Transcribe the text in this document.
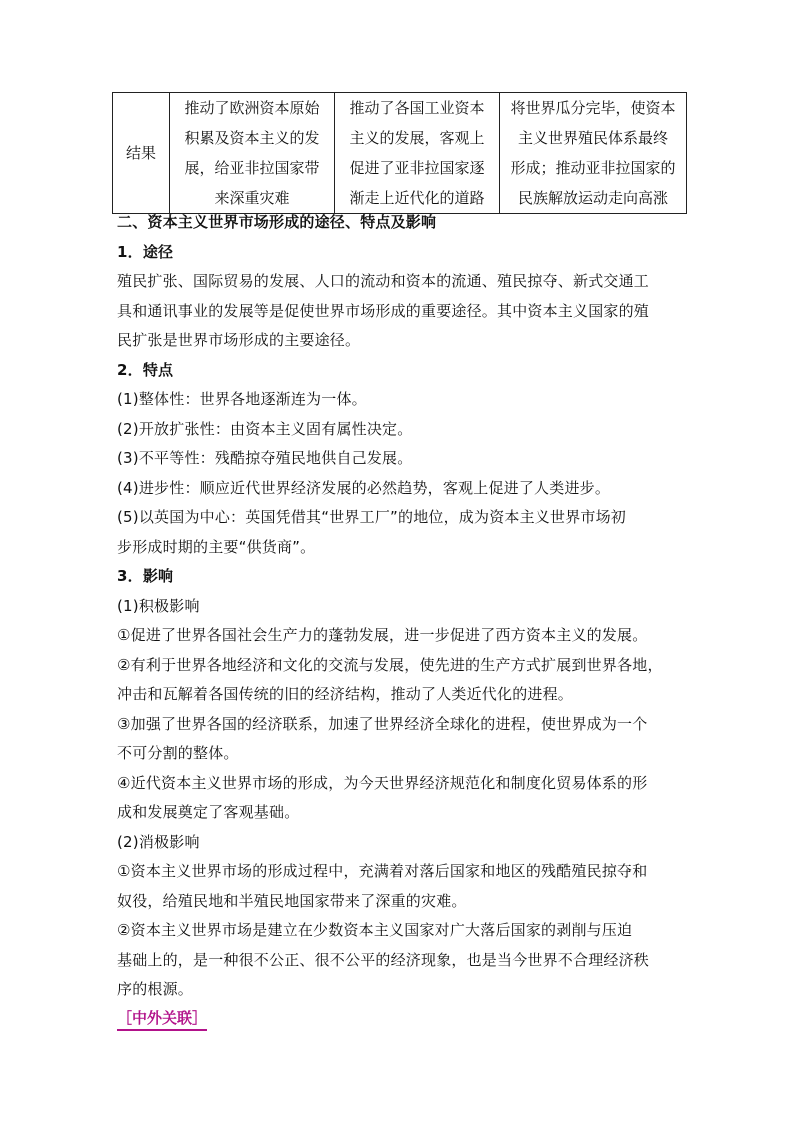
结果	
推动了欧洲资本原始
积累及资本主义的发
展，给亚非拉国家带
来深重灾难

推动了各国工业资本
主义的发展，客观上
促进了亚非拉国家逐
渐走上近代化的道路

将世界瓜分完毕，使资本
主义世界殖民体系最终
形成；推动亚非拉国家的
民族解放运动走向高涨
二、资本主义世界市场形成的途径、特点及影响
1．途径
殖民扩张、国际贸易的发展、人口的流动和资本的流通、殖民掠夺、新式交通工
具和通讯事业的发展等是促使世界市场形成的重要途径。其中资本主义国家的殖
民扩张是世界市场形成的主要途径。
2．特点
(1)整体性：世界各地逐渐连为一体。
(2)开放扩张性：由资本主义固有属性决定。
(3)不平等性：残酷掠夺殖民地供自己发展。
(4)进步性：顺应近代世界经济发展的必然趋势，客观上促进了人类进步。
(5)以英国为中心：英国凭借其“世界工厂”的地位，成为资本主义世界市场初
步形成时期的主要“供货商”。
3．影响
(1)积极影响
①促进了世界各国社会生产力的蓬勃发展，进一步促进了西方资本主义的发展。
②有利于世界各地经济和文化的交流与发展，使先进的生产方式扩展到世界各地，
冲击和瓦解着各国传统的旧的经济结构，推动了人类近代化的进程。
③加强了世界各国的经济联系，加速了世界经济全球化的进程，使世界成为一个
不可分割的整体。
④近代资本主义世界市场的形成，为今天世界经济规范化和制度化贸易体系的形
成和发展奠定了客观基础。
(2)消极影响
①资本主义世界市场的形成过程中，充满着对落后国家和地区的残酷殖民掠夺和
奴役，给殖民地和半殖民地国家带来了深重的灾难。
②资本主义世界市场是建立在少数资本主义国家对广大落后国家的剥削与压迫
基础上的，是一种很不公正、很不公平的经济现象，也是当今世界不合理经济秩
序的根源。
［中外关联］
